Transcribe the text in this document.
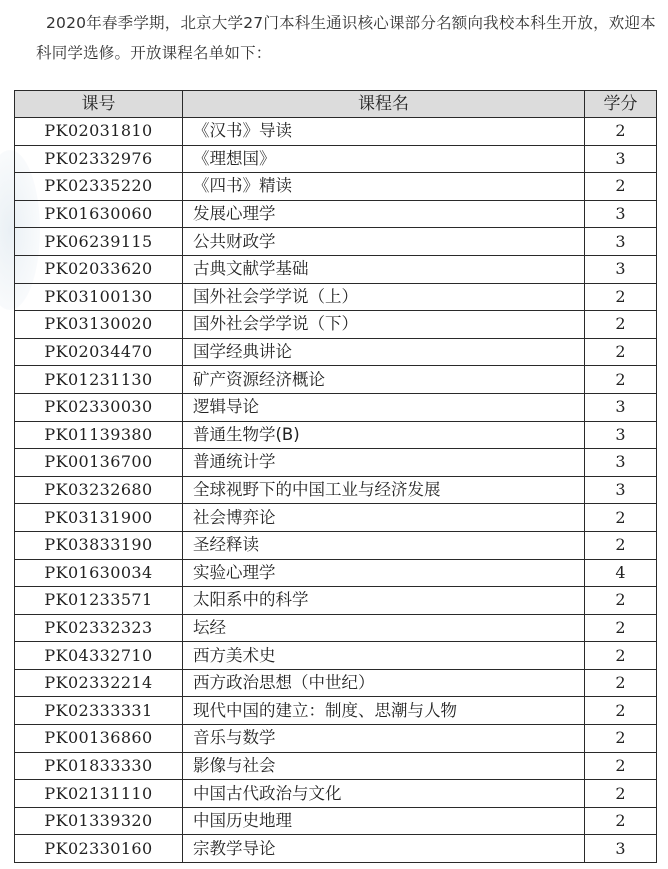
2020年春季学期，北京大学27门本科生通识核心课部分名额向我校本科生开放，欢迎本

科同学选修。开放课程名单如下：

课号	课程名	学分
PK02031810	《汉书》导读	2
PK02332976	《理想国》	3
PK02335220	《四书》精读	2
PK01630060	发展心理学	3
PK06239115	公共财政学	3
PK02033620	古典文献学基础	3
PK03100130	国外社会学学说（上）	2
PK03130020	国外社会学学说（下）	2
PK02034470	国学经典讲论	2
PK01231130	矿产资源经济概论	2
PK02330030	逻辑导论	3
PK01139380	普通生物学(B)	3
PK00136700	普通统计学	3
PK03232680	全球视野下的中国工业与经济发展	3
PK03131900	社会博弈论	2
PK03833190	圣经释读	2
PK01630034	实验心理学	4
PK01233571	太阳系中的科学	2
PK02332323	坛经	2
PK04332710	西方美术史	2
PK02332214	西方政治思想（中世纪）	2
PK02333331	现代中国的建立：制度、思潮与人物	2
PK00136860	音乐与数学	2
PK01833330	影像与社会	2
PK02131110	中国古代政治与文化	2
PK01339320	中国历史地理	2
PK02330160	宗教学导论	3
